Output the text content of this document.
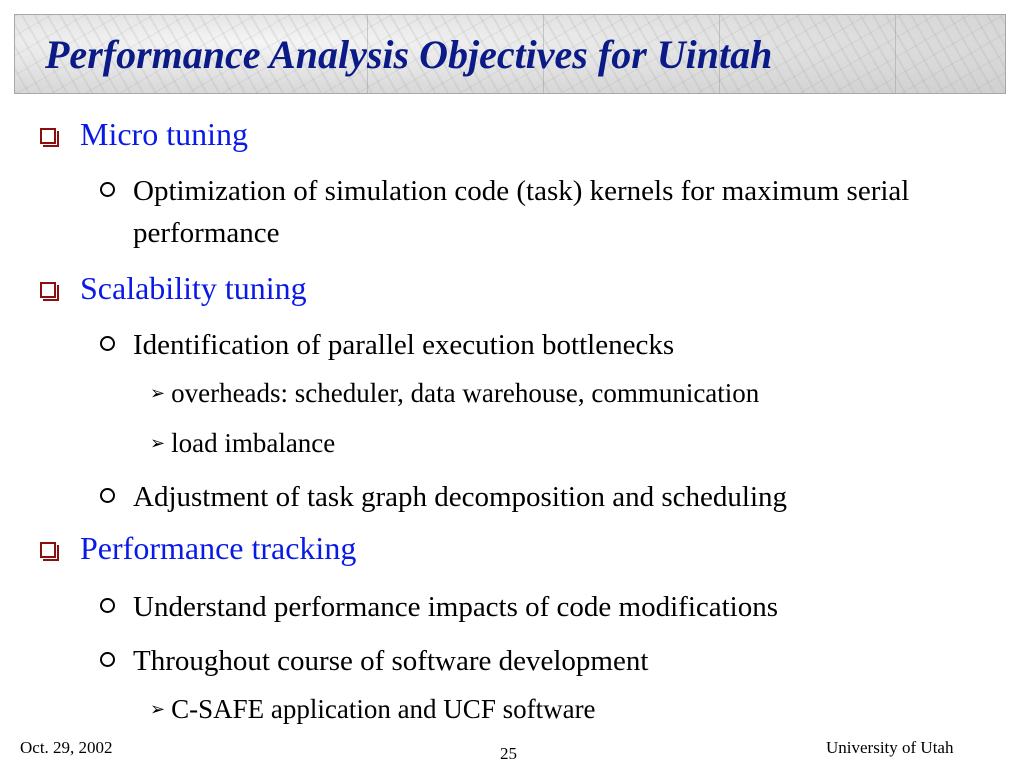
Performance Analysis Objectives for Uintah
Micro tuning
Optimization of simulation code (task) kernels for maximum serial performance
Scalability tuning
Identification of parallel execution bottlenecks
➢ overheads: scheduler, data warehouse, communication
➢ load imbalance
Adjustment of task graph decomposition and scheduling
Performance tracking
Understand performance impacts of code modifications
Throughout course of software development
➢ C-SAFE application and UCF software
Oct. 29, 2002	25	University of Utah
